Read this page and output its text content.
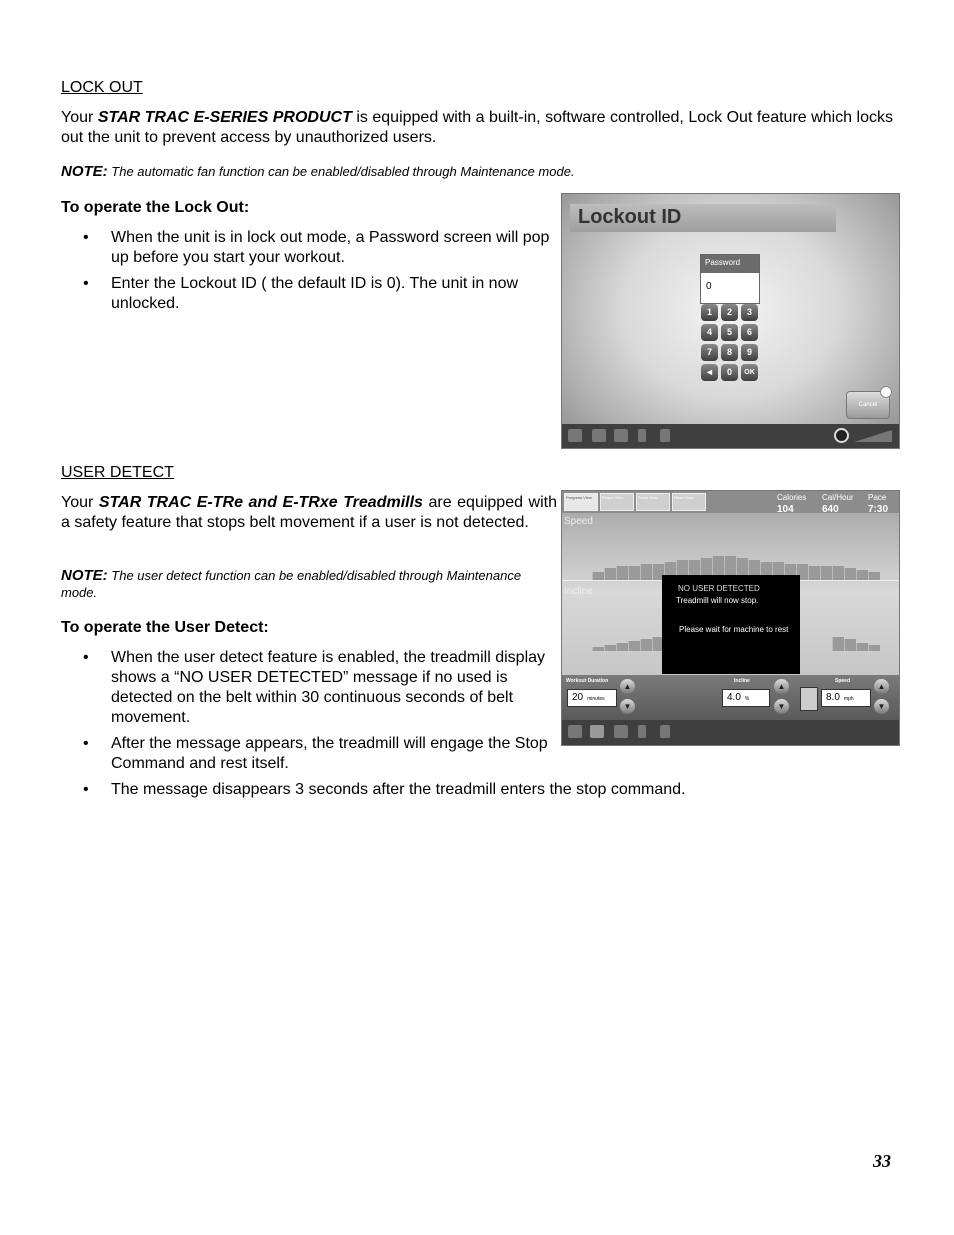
LOCK OUT
Your STAR TRAC E-SERIES PRODUCT is equipped with a built-in, software controlled, Lock Out feature which locks out the unit to prevent access by unauthorized users.
NOTE: The automatic fan function can be enabled/disabled through Maintenance mode.
To operate the Lock Out:
• When the unit is in lock out mode, a Password screen will pop up before you start your workout.
• Enter the Lockout ID ( the default ID is 0). The unit in now unlocked.
Lockout ID
Password
0
1	2	3
4	5	6
7	8	9
◄	0	OK
Cancel
USER DETECT
Your STAR TRAC E-TRe and E-TRxe Treadmills are equipped with a safety feature that stops belt movement if a user is not detected.
NOTE: The user detect function can be enabled/disabled through Maintenance mode.
To operate the User Detect:
• When the user detect feature is enabled, the treadmill display shows a “NO USER DETECTED” message if no used is detected on the belt within 30 continuous seconds of belt movement.
• After the message appears, the treadmill will engage the Stop Command and rest itself.
• The message disappears 3 seconds after the treadmill enters the stop command.
Progress View	Shape View	Track View	Heart View	Calories
104
Cal/Hour
640
Pace
7:30
Speed
Incline	NO USER DETECTED
Treadmill will now stop.
Please wait for machine to rest
Workout Duration
20 minutes
▲
▼
Incline
4.0 %
▲
▼
Speed
8.0 mph
▲
▼
33
